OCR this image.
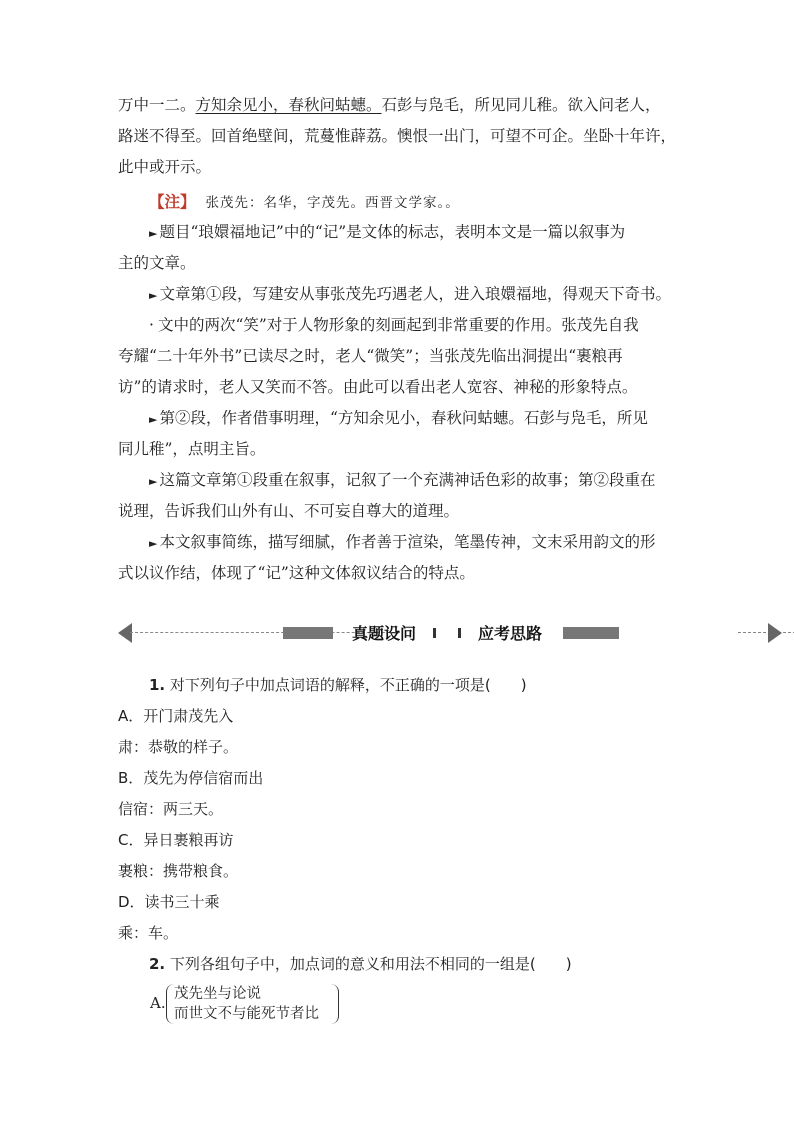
万中一二。方知余见小，春秋问蛄蟪。石彭与凫毛，所见同儿稚。欲入问老人，
路迷不得至。回首绝壁间，荒蔓惟薜荔。懊恨一出门，可望不可企。坐卧十年许，
此中或开示。
【注】 张茂先：名华，字茂先。西晋文学家。。
► 题目“琅嬛福地记”中的“记”是文体的标志，表明本文是一篇以叙事为
主的文章。
► 文章第①段，写建安从事张茂先巧遇老人，进入琅嬛福地，得观天下奇书。
· 文中的两次“笑”对于人物形象的刻画起到非常重要的作用。张茂先自我
夸耀“二十年外书”已读尽之时，老人“微笑”；当张茂先临出洞提出“裹粮再
访”的请求时，老人又笑而不答。由此可以看出老人宽容、神秘的形象特点。
► 第②段，作者借事明理，“方知余见小，春秋问蛄蟪。石彭与凫毛，所见
同儿稚”，点明主旨。
► 这篇文章第①段重在叙事，记叙了一个充满神话色彩的故事；第②段重在
说理，告诉我们山外有山、不可妄自尊大的道理。
► 本文叙事简练，描写细腻，作者善于渲染，笔墨传神，文末采用韵文的形
式以议作结，体现了“记”这种文体叙议结合的特点。
真题设问	应考思路
1. 对下列句子中加点词语的解释，不正确的一项是(　　)
A．开门肃茂先入
肃：恭敬的样子。
B．茂先为停信宿而出
信宿：两三天。
C．异日裹粮再访
裹粮：携带粮食。
D．读书三十乘
乘：车。
2. 下列各组句子中，加点词的意义和用法不相同的一组是(　　)
A. 茂先坐与论说
而世文不与能死节者比
